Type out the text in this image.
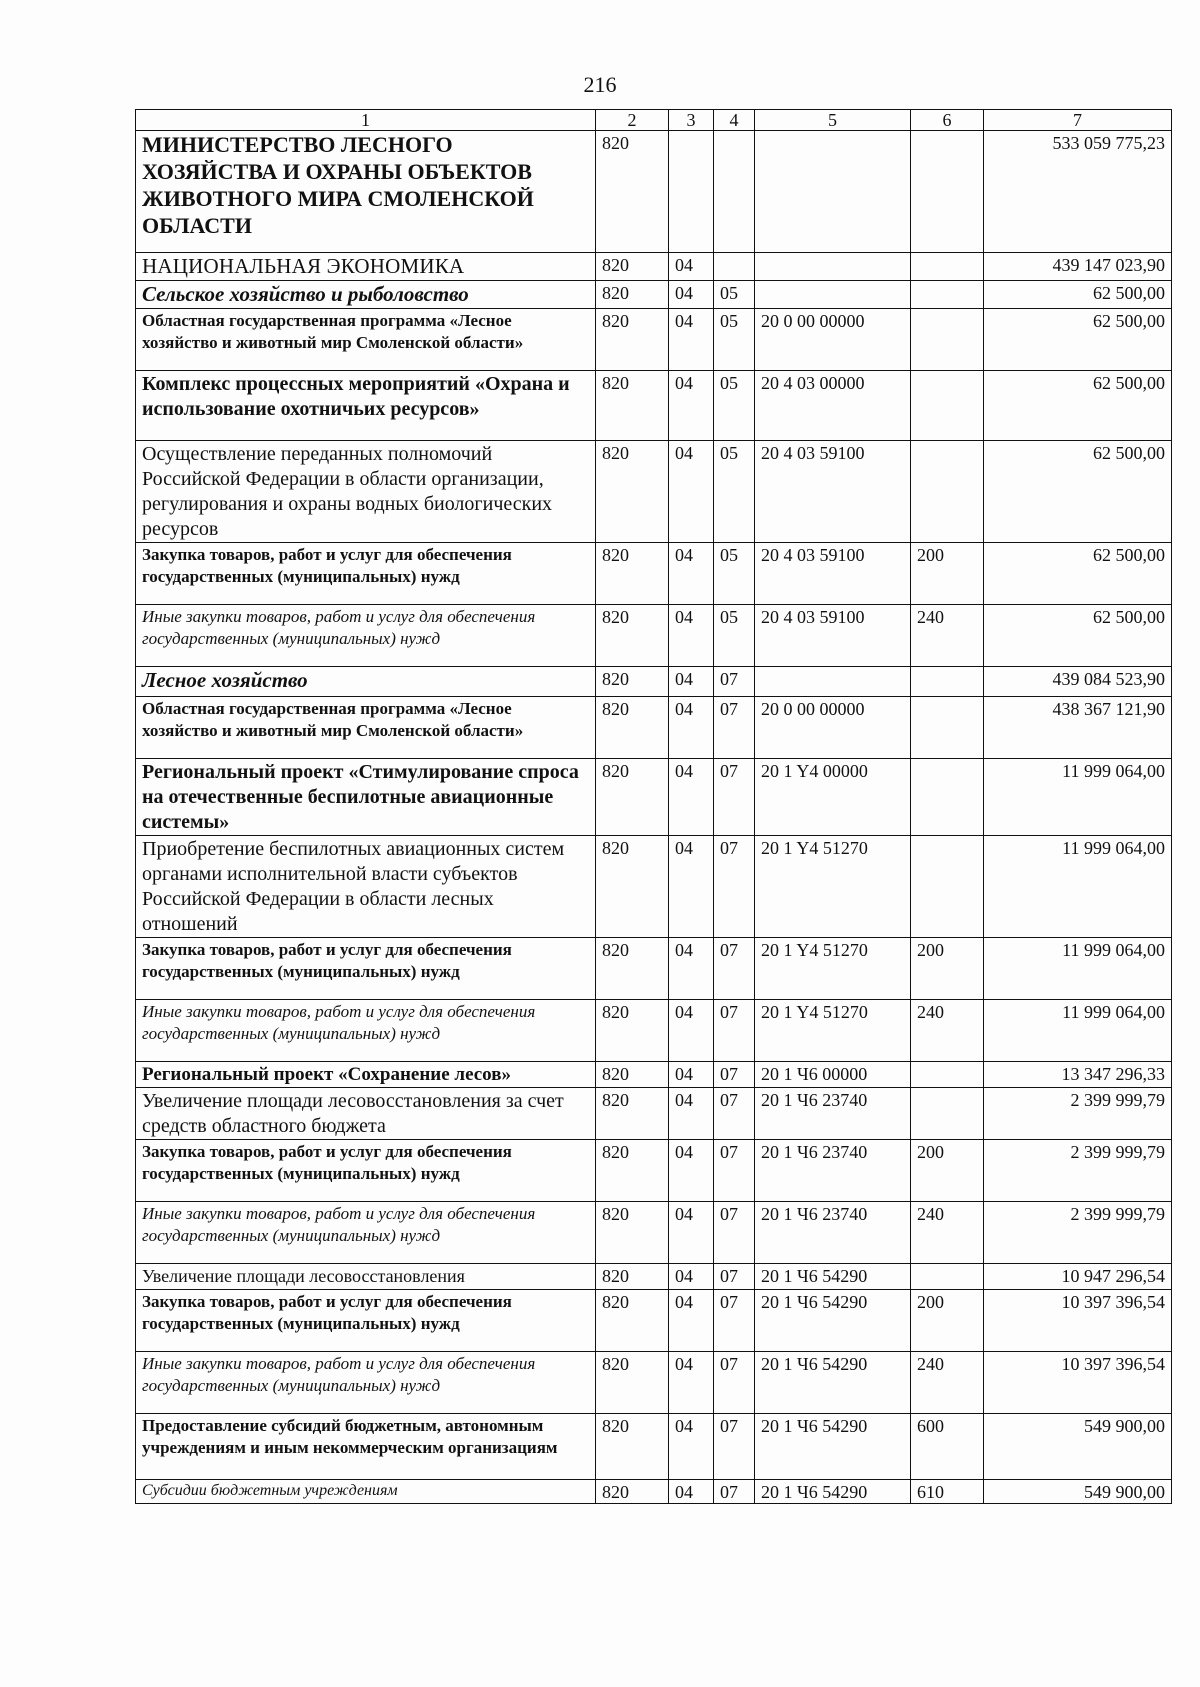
216
1	2	3	4	5	6	7
МИНИСТЕРСТВО ЛЕСНОГО ХОЗЯЙСТВА И ОХРАНЫ ОБЪЕКТОВ ЖИВОТНОГО МИРА СМОЛЕНСКОЙ ОБЛАСТИ	820					533 059 775,23
НАЦИОНАЛЬНАЯ ЭКОНОМИКА	820	04				439 147 023,90
Сельское хозяйство и рыболовство	820	04	05			62 500,00
Областная государственная программа «Лесное хозяйство и животный мир Смоленской области»	820	04	05	20 0 00 00000		62 500,00
Комплекс процессных мероприятий «Охрана и использование охотничьих ресурсов»	820	04	05	20 4 03 00000		62 500,00
Осуществление переданных полномочий Российской Федерации в области организации, регулирования и охраны водных биологических ресурсов	820	04	05	20 4 03 59100		62 500,00
Закупка товаров, работ и услуг для обеспечения государственных (муниципальных) нужд	820	04	05	20 4 03 59100	200	62 500,00
Иные закупки товаров, работ и услуг для обеспечения государственных (муниципальных) нужд	820	04	05	20 4 03 59100	240	62 500,00
Лесное хозяйство	820	04	07			439 084 523,90
Областная государственная программа «Лесное хозяйство и животный мир Смоленской области»	820	04	07	20 0 00 00000		438 367 121,90
Региональный проект «Стимулирование спроса на отечественные беспилотные авиационные системы»	820	04	07	20 1 Y4 00000		11 999 064,00
Приобретение беспилотных авиационных систем органами исполнительной власти субъектов Российской Федерации в области лесных отношений	820	04	07	20 1 Y4 51270		11 999 064,00
Закупка товаров, работ и услуг для обеспечения государственных (муниципальных) нужд	820	04	07	20 1 Y4 51270	200	11 999 064,00
Иные закупки товаров, работ и услуг для обеспечения государственных (муниципальных) нужд	820	04	07	20 1 Y4 51270	240	11 999 064,00
Региональный проект «Сохранение лесов»	820	04	07	20 1 Ч6 00000		13 347 296,33
Увеличение площади лесовосстановления за счет средств областного бюджета	820	04	07	20 1 Ч6 23740		2 399 999,79
Закупка товаров, работ и услуг для обеспечения государственных (муниципальных) нужд	820	04	07	20 1 Ч6 23740	200	2 399 999,79
Иные закупки товаров, работ и услуг для обеспечения государственных (муниципальных) нужд	820	04	07	20 1 Ч6 23740	240	2 399 999,79
Увеличение площади лесовосстановления	820	04	07	20 1 Ч6 54290		10 947 296,54
Закупка товаров, работ и услуг для обеспечения государственных (муниципальных) нужд	820	04	07	20 1 Ч6 54290	200	10 397 396,54
Иные закупки товаров, работ и услуг для обеспечения государственных (муниципальных) нужд	820	04	07	20 1 Ч6 54290	240	10 397 396,54
Предоставление субсидий бюджетным, автономным учреждениям и иным некоммерческим организациям	820	04	07	20 1 Ч6 54290	600	549 900,00
Субсидии бюджетным учреждениям	820	04	07	20 1 Ч6 54290	610	549 900,00
